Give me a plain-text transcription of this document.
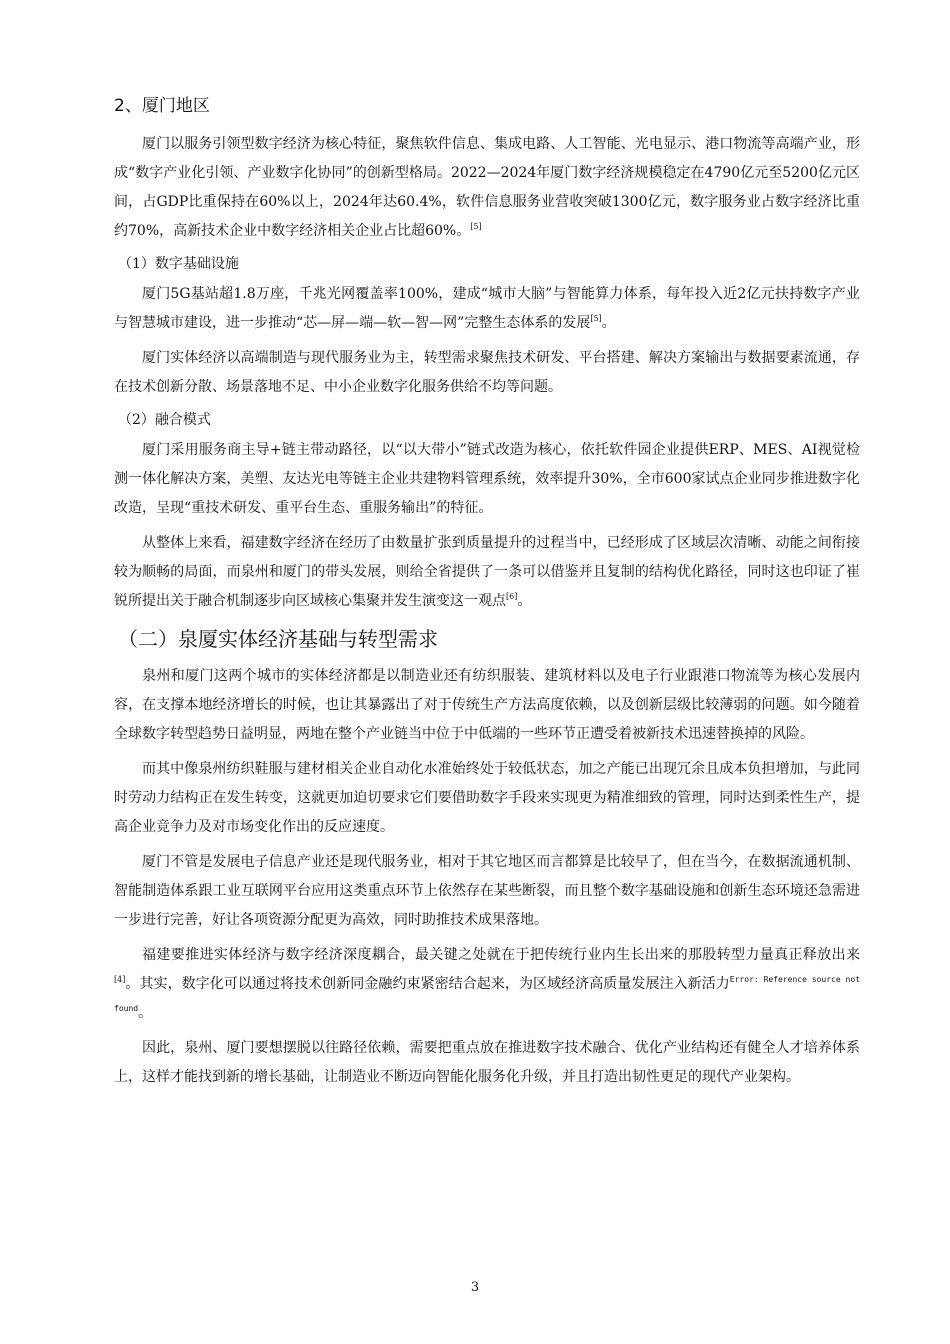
2、厦门地区

厦门以服务引领型数字经济为核心特征，聚焦软件信息、集成电路、人工智能、光电显示、港口物流等高端产业，形成“数字产业化引领、产业数字化协同”的创新型格局。2022—2024年厦门数字经济规模稳定在4790亿元至5200亿元区间，占GDP比重保持在60%以上，2024年达60.4%，软件信息服务业营收突破1300亿元，数字服务业占数字经济比重约70%，高新技术企业中数字经济相关企业占比超60%。[5]

（1）数字基础设施

厦门5G基站超1.8万座，千兆光网覆盖率100%，建成“城市大脑”与智能算力体系，每年投入近2亿元扶持数字产业与智慧城市建设，进一步推动“芯—屏—端—软—智—网”完整生态体系的发展[5]。

厦门实体经济以高端制造与现代服务业为主，转型需求聚焦技术研发、平台搭建、解决方案输出与数据要素流通，存在技术创新分散、场景落地不足、中小企业数字化服务供给不均等问题。

（2）融合模式

厦门采用服务商主导+链主带动路径，以“以大带小”链式改造为核心，依托软件园企业提供ERP、MES、AI视觉检测一体化解决方案，美塑、友达光电等链主企业共建物料管理系统，效率提升30%，全市600家试点企业同步推进数字化改造，呈现“重技术研发、重平台生态、重服务输出”的特征。

从整体上来看，福建数字经济在经历了由数量扩张到质量提升的过程当中，已经形成了区域层次清晰、动能之间衔接较为顺畅的局面，而泉州和厦门的带头发展，则给全省提供了一条可以借鉴并且复制的结构优化路径，同时这也印证了崔锐所提出关于融合机制逐步向区域核心集聚并发生演变这一观点[6]。

（二）泉厦实体经济基础与转型需求

泉州和厦门这两个城市的实体经济都是以制造业还有纺织服装、建筑材料以及电子行业跟港口物流等为核心发展内容，在支撑本地经济增长的时候，也让其暴露出了对于传统生产方法高度依赖，以及创新层级比较薄弱的问题。如今随着全球数字转型趋势日益明显，两地在整个产业链当中位于中低端的一些环节正遭受着被新技术迅速替换掉的风险。

而其中像泉州纺织鞋服与建材相关企业自动化水准始终处于较低状态，加之产能已出现冗余且成本负担增加，与此同时劳动力结构正在发生转变，这就更加迫切要求它们要借助数字手段来实现更为精准细致的管理，同时达到柔性生产，提高企业竞争力及对市场变化作出的反应速度。

厦门不管是发展电子信息产业还是现代服务业，相对于其它地区而言都算是比较早了，但在当今，在数据流通机制、智能制造体系跟工业互联网平台应用这类重点环节上依然存在某些断裂，而且整个数字基础设施和创新生态环境还急需进一步进行完善，好让各项资源分配更为高效，同时助推技术成果落地。

福建要推进实体经济与数字经济深度耦合，最关键之处就在于把传统行业内生长出来的那股转型力量真正释放出来[4]。其实，数字化可以通过将技术创新同金融约束紧密结合起来，为区域经济高质量发展注入新活力$^{Error: Reference source not found}$。

因此，泉州、厦门要想摆脱以往路径依赖，需要把重点放在推进数字技术融合、优化产业结构还有健全人才培养体系上，这样才能找到新的增长基础，让制造业不断迈向智能化服务化升级，并且打造出韧性更足的现代产业架构。

3
